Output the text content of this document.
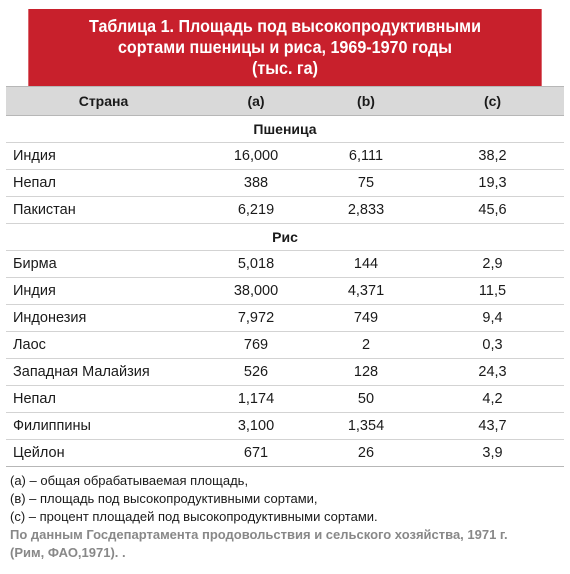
Таблица 1. Площадь под высокопродуктивными
сортами пшеницы и риса, 1969-1970 годы
(тыс. га)
Страна	(a)	(b)	(c)
Пшеница			
Индия	16,000	6,111	38,2
Непал	388	75	19,3
Пакистан	6,219	2,833	45,6
Рис			
Бирма	5,018	144	2,9
Индия	38,000	4,371	11,5
Индонезия	7,972	749	9,4
Лаос	769	2	0,3
Западная Малайзия	526	128	24,3
Непал	1,174	50	4,2
Филиппины	3,100	1,354	43,7
Цейлон	671	26	3,9
(а) – общая обрабатываемая площадь,
(в) – площадь под высокопродуктивными сортами,
(с) – процент площадей под высокопродуктивными сортами.
По данным Госдепартамента продовольствия и сельского хозяйства, 1971 г.
(Рим, ФАО,1971). .
